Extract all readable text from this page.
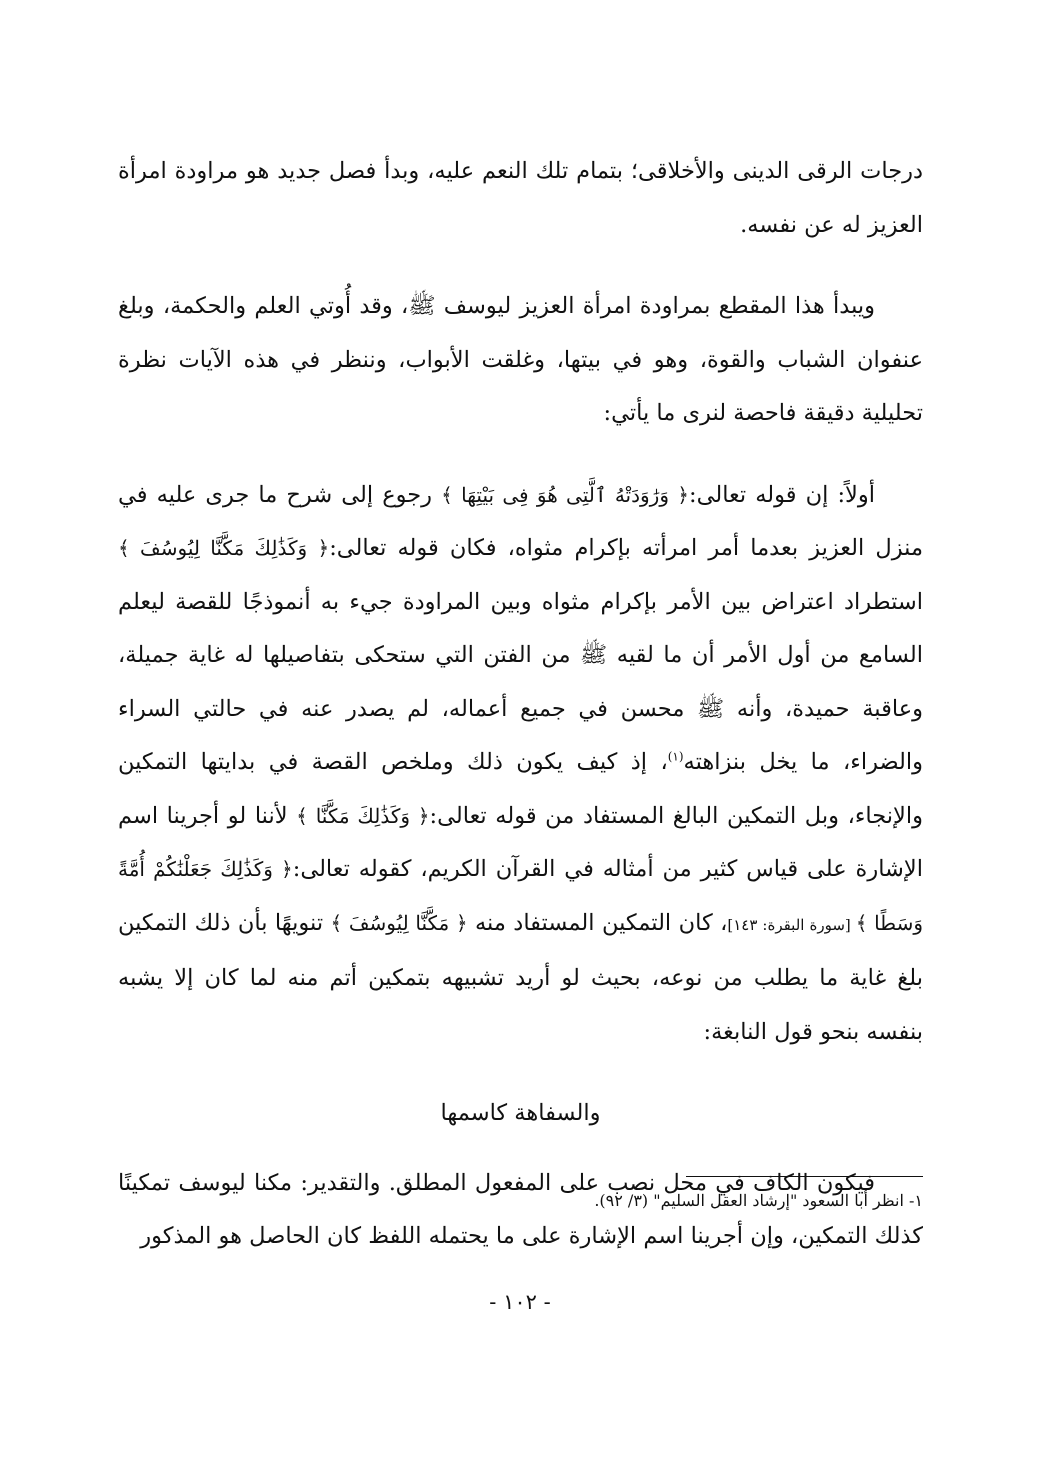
درجات الرقى الدينى والأخلاقى؛ بتمام تلك النعم عليه، وبدأ فصل جديد هو مراودة امرأة العزيز له عن نفسه.

ويبدأ هذا المقطع بمراودة امرأة العزيز ليوسف ﷺ، وقد أُوتي العلم والحكمة، وبلغ عنفوان الشباب والقوة، وهو في بيتها، وغلقت الأبواب، وننظر في هذه الآيات نظرة تحليلية دقيقة فاحصة لنرى ما يأتي:

أولاً: إن قوله تعالى:﴿ وَرَٰوَدَتْهُ ٱلَّتِى هُوَ فِى بَيْتِهَا ﴾ رجوع إلى شرح ما جرى عليه في منزل العزيز بعدما أمر امرأته بإكرام مثواه، فكان قوله تعالى:﴿ وَكَذَٰلِكَ مَكَّنَّا لِيُوسُفَ ﴾ استطراد اعتراض بين الأمر بإكرام مثواه وبين المراودة جيء به أنموذجًا للقصة ليعلم السامع من أول الأمر أن ما لقيه ﷺ من الفتن التي ستحكى بتفاصيلها له غاية جميلة، وعاقبة حميدة، وأنه ﷺ محسن في جميع أعماله، لم يصدر عنه في حالتي السراء والضراء، ما يخل بنزاهته$^{(١)}$، إذ كيف يكون ذلك وملخص القصة في بدايتها التمكين والإنجاء، وبل التمكين البالغ المستفاد من قوله تعالى:﴿ وَكَذَٰلِكَ مَكَّنَّا ﴾ لأننا لو أجرينا اسم الإشارة على قياس كثير من أمثاله في القرآن الكريم، كقوله تعالى:﴿ وَكَذَٰلِكَ جَعَلْنَٰكُمْ أُمَّةً وَسَطًا ﴾ [سورة البقرة: ١٤٣]، كان التمكين المستفاد منه ﴿ مَكَّنَّا لِيُوسُفَ ﴾ تنويهًا بأن ذلك التمكين بلغ غاية ما يطلب من نوعه، بحيث لو أريد تشبيهه بتمكين أتم منه لما كان إلا يشبه بنفسه بنحو قول النابغة:

والسفاهة كاسمها

فيكون الكاف في محل نصب على المفعول المطلق. والتقدير: مكنا ليوسف تمكينًا كذلك التمكين، وإن أجرينا اسم الإشارة على ما يحتمله اللفظ كان الحاصل هو المذكور

١- انظر أبا السعود "إرشاد العقل السليم" (٣/ ٩٢).
- ١٠٢ -
